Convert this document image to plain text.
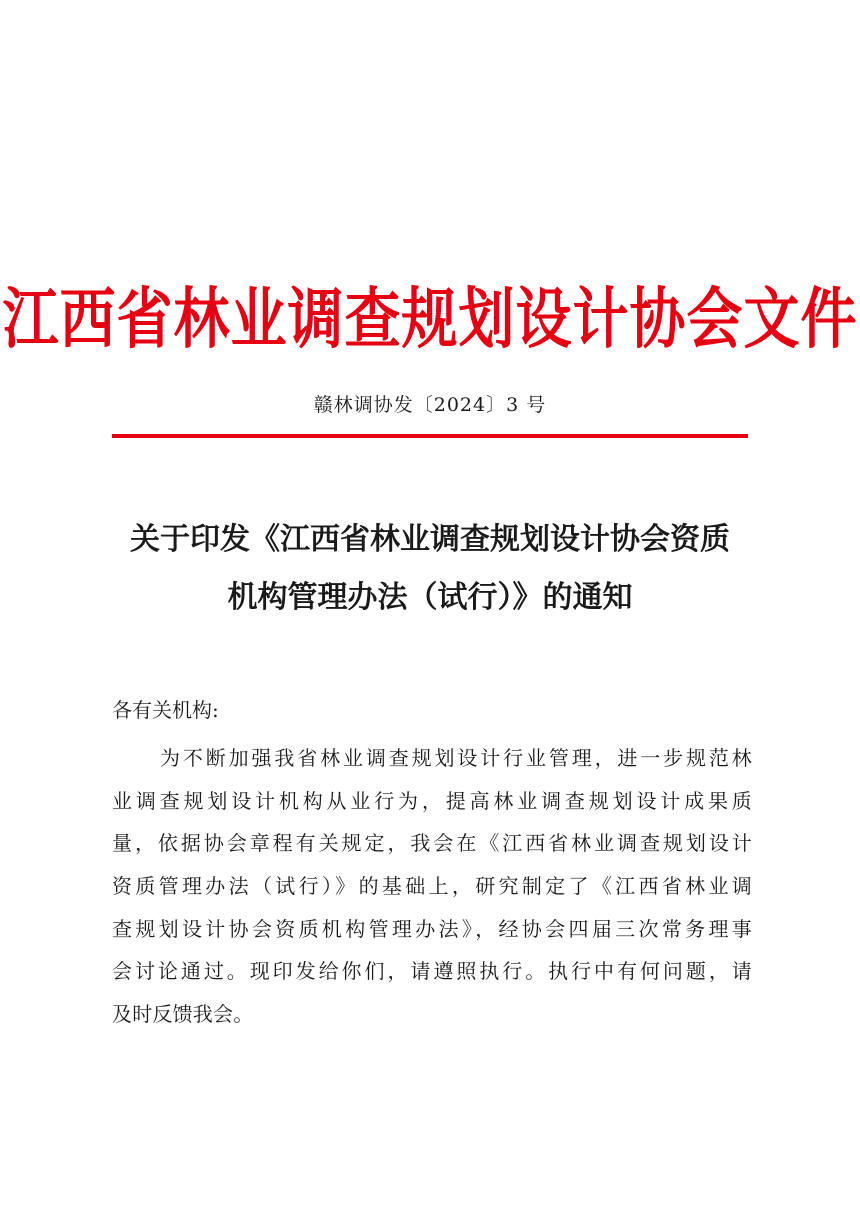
江西省林业调查规划设计协会文件
赣林调协发〔2024〕3 号
关于印发《江西省林业调查规划设计协会资质
机构管理办法（试行）》的通知
各有关机构:
为不断加强我省林业调查规划设计行业管理，进一步规范林
业调查规划设计机构从业行为，提高林业调查规划设计成果质
量，依据协会章程有关规定，我会在《江西省林业调查规划设计
资质管理办法（试行）》的基础上，研究制定了《江西省林业调
查规划设计协会资质机构管理办法》，经协会四届三次常务理事
会讨论通过。现印发给你们，请遵照执行。执行中有何问题，请
及时反馈我会。
